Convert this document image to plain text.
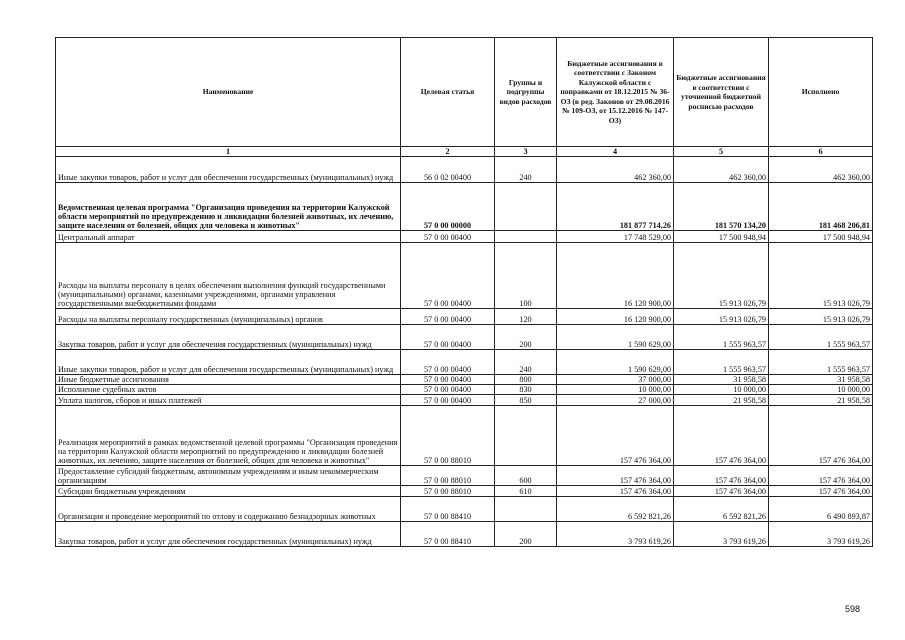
Наименование	Целевая статья	Группы и подгруппы видов расходов	Бюджетные ассигнования в соответствии с Законом Калужской области с поправками от 18.12.2015 № 36-ОЗ (в ред. Законов от 29.08.2016 № 109-ОЗ, от 15.12.2016 № 147-ОЗ)	Бюджетные ассигнования в соответствии с уточненной бюджетной росписью расходов	Исполнено
1	2	3	4	5	6
Иные закупки товаров, работ и услуг для обеспечения государственных (муниципальных) нужд	56 0 02 00400	240	462 360,00	462 360,00	462 360,00
Ведомственная целевая программа "Организация проведения на территории Калужской области мероприятий по предупреждению и ликвидации болезней животных, их лечению, защите населения от болезней, общих для человека и животных"	57 0 00 00000		181 877 714,26	181 570 134,20	181 468 206,81
Центральный аппарат	57 0 00 00400		17 748 529,00	17 500 948,94	17 500 948,94
Расходы на выплаты персоналу в целях обеспечения выполнения функций государственными (муниципальными) органами, казенными учреждениями, органами управления государственными внебюджетными фондами	57 0 00 00400	100	16 120 900,00	15 913 026,79	15 913 026,79
Расходы на выплаты персоналу государственных (муниципальных) органов	57 0 00 00400	120	16 120 900,00	15 913 026,79	15 913 026,79
Закупка товаров, работ и услуг для обеспечения государственных (муниципальных) нужд	57 0 00 00400	200	1 590 629,00	1 555 963,57	1 555 963,57
Иные закупки товаров, работ и услуг для обеспечения государственных (муниципальных) нужд	57 0 00 00400	240	1 590 629,00	1 555 963,57	1 555 963,57
Иные бюджетные ассигнования	57 0 00 00400	800	37 000,00	31 958,58	31 958,58
Исполнение судебных актов	57 0 00 00400	830	10 000,00	10 000,00	10 000,00
Уплата налогов, сборов и иных платежей	57 0 00 00400	850	27 000,00	21 958,58	21 958,58
Реализация мероприятий в рамках ведомственной целевой программы "Организация проведения на территории Калужской области мероприятий по предупреждению и ликвидации болезней животных, их лечению, защите населения от болезней, общих для человека и животных"	57 0 00 88010		157 476 364,00	157 476 364,00	157 476 364,00
Предоставление субсидий бюджетным, автономным учреждениям и иным некоммерческим организациям	57 0 00 88010	600	157 476 364,00	157 476 364,00	157 476 364,00
Субсидии бюджетным учреждениям	57 0 00 88010	610	157 476 364,00	157 476 364,00	157 476 364,00
Организация и проведение мероприятий по отлову и содержанию безнадзорных животных	57 0 00 88410		6 592 821,26	6 592 821,26	6 490 893,87
Закупка товаров, работ и услуг для обеспечения государственных (муниципальных) нужд	57 0 00 88410	200	3 793 619,26	3 793 619,26	3 793 619,26
598
